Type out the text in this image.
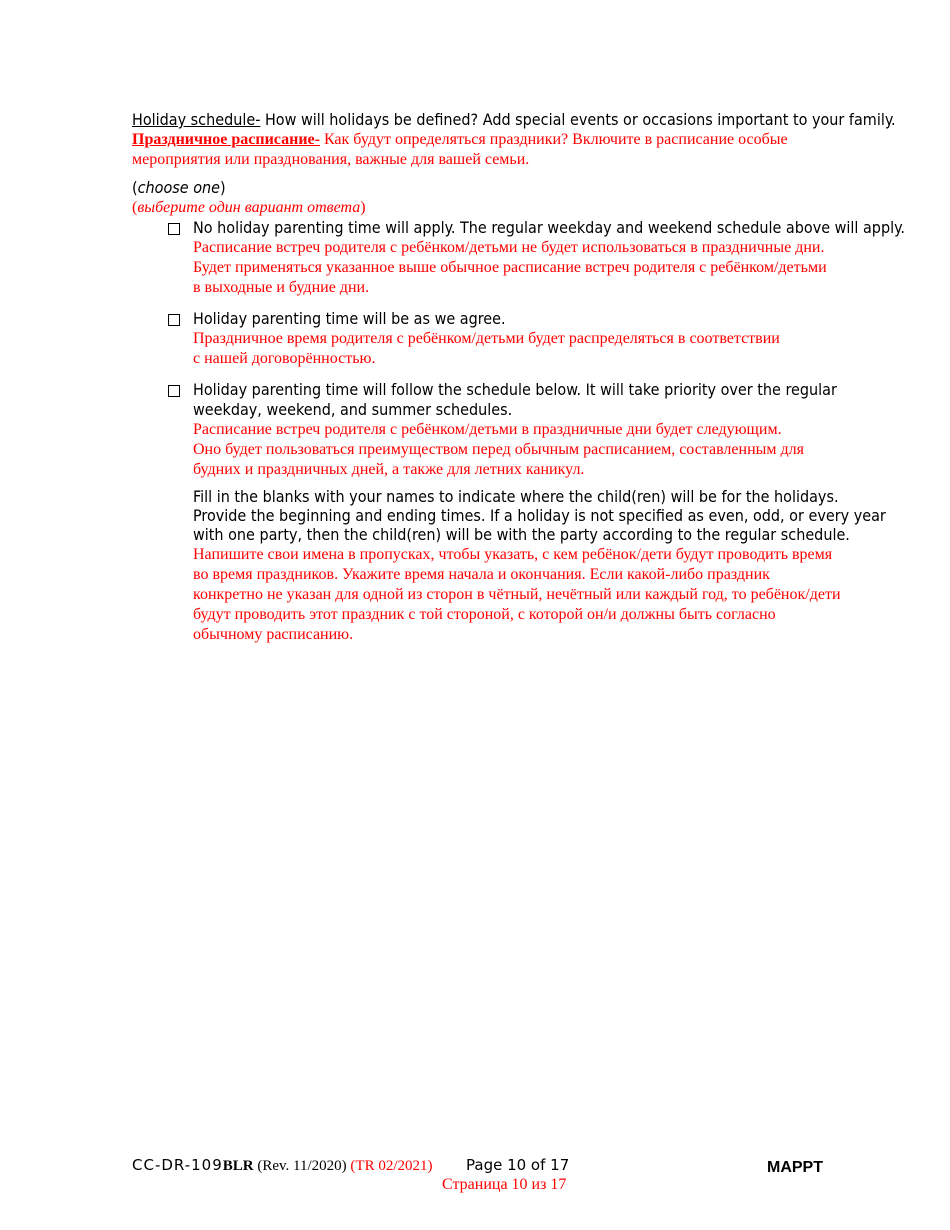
Holiday schedule- How will holidays be defined? Add special events or occasions important to your family.
Праздничное расписание- Как будут определяться праздники? Включите в расписание особые
мероприятия или празднования, важные для вашей семьи.
(choose one)
(выберите один вариант ответа)
No holiday parenting time will apply. The regular weekday and weekend schedule above will apply.
Расписание встреч родителя с ребёнком/детьми не будет использоваться в праздничные дни.
Будет применяться указанное выше обычное расписание встреч родителя с ребёнком/детьми
в выходные и будние дни.
Holiday parenting time will be as we agree.
Праздничное время родителя с ребёнком/детьми будет распределяться в соответствии
с нашей договорённостью.
Holiday parenting time will follow the schedule below. It will take priority over the regular
weekday, weekend, and summer schedules.
Расписание встреч родителя с ребёнком/детьми в праздничные дни будет следующим.
Оно будет пользоваться преимуществом перед обычным расписанием, составленным для
будних и праздничных дней, а также для летних каникул.
Fill in the blanks with your names to indicate where the child(ren) will be for the holidays.
Provide the beginning and ending times. If a holiday is not specified as even, odd, or every year
with one party, then the child(ren) will be with the party according to the regular schedule.
Напишите свои имена в пропусках, чтобы указать, с кем ребёнок/дети будут проводить время
во время праздников. Укажите время начала и окончания. Если какой-либо праздник
конкретно не указан для одной из сторон в чётный, нечётный или каждый год, то ребёнок/дети
будут проводить этот праздник с той стороной, с которой он/и должны быть согласно
обычному расписанию.
CC-DR-109BLR (Rev. 11/2020) (TR 02/2021) Page 10 of 17
Страница 10 из 17
MAPPT
